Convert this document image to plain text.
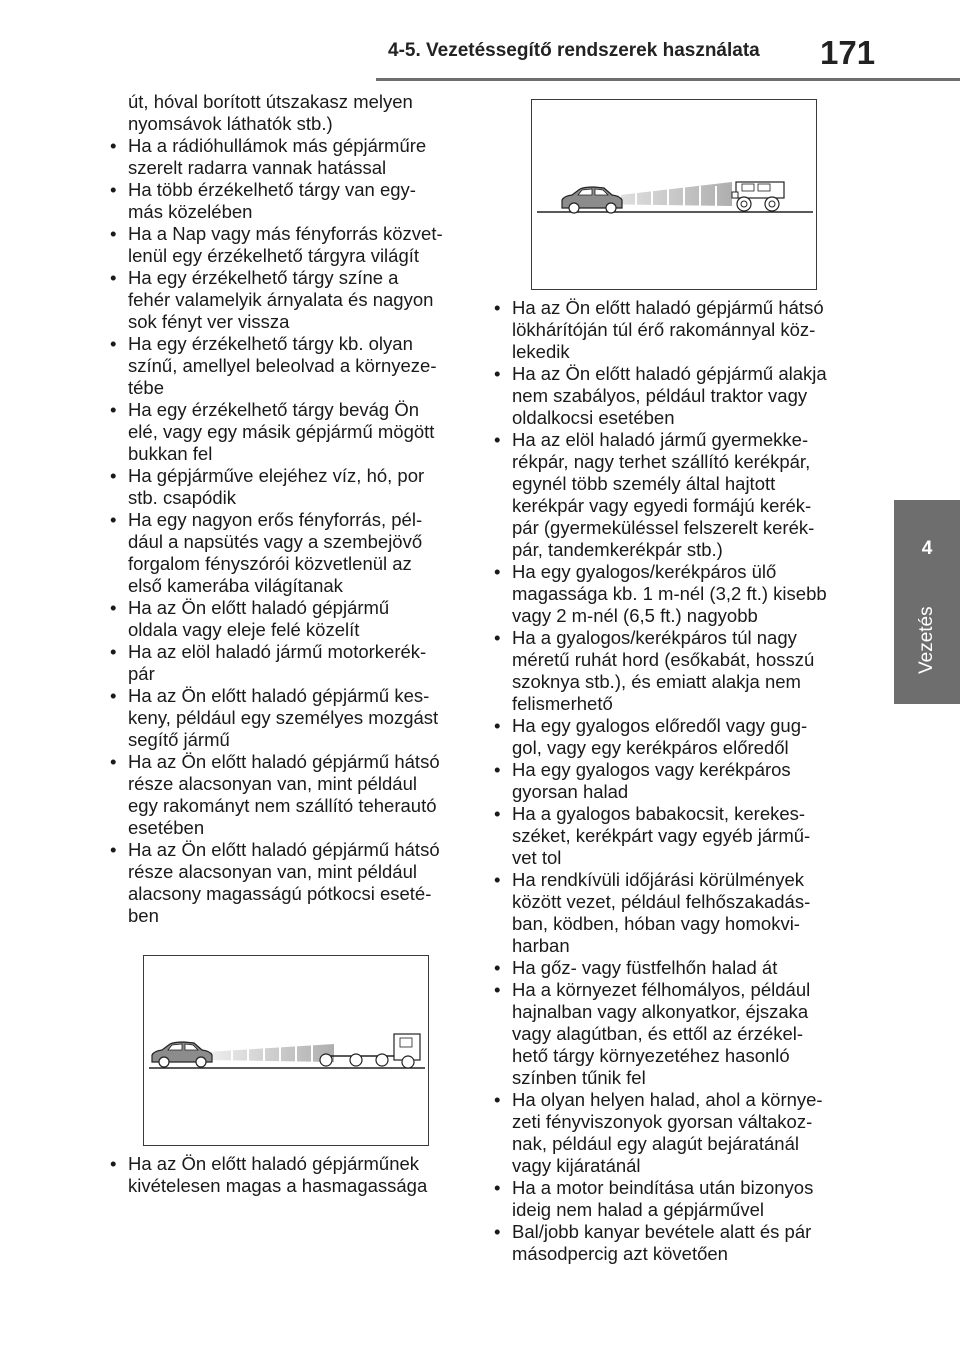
4-5. Vezetéssegítő rendszerek használata 171
4
Vezetés
út, hóval borított útszakasz melyen
nyomsávok láthatók stb.)
• Ha a rádióhullámok más gépjárműre
szerelt radarra vannak hatással
• Ha több érzékelhető tárgy van egy-
más közelében
• Ha a Nap vagy más fényforrás közvet-
lenül egy érzékelhető tárgyra világít
• Ha egy érzékelhető tárgy színe a
fehér valamelyik árnyalata és nagyon
sok fényt ver vissza
• Ha egy érzékelhető tárgy kb. olyan
színű, amellyel beleolvad a környeze-
tébe
• Ha egy érzékelhető tárgy bevág Ön
elé, vagy egy másik gépjármű mögött
bukkan fel
• Ha gépjárműve elejéhez víz, hó, por
stb. csapódik
• Ha egy nagyon erős fényforrás, pél-
dául a napsütés vagy a szembejövő
forgalom fényszórói közvetlenül az
első kamerába világítanak
• Ha az Ön előtt haladó gépjármű
oldala vagy eleje felé közelít
• Ha az elöl haladó jármű motorkerék-
pár
• Ha az Ön előtt haladó gépjármű kes-
keny, például egy személyes mozgást
segítő jármű
• Ha az Ön előtt haladó gépjármű hátsó
része alacsonyan van, mint például
egy rakományt nem szállító teherautó
esetében
• Ha az Ön előtt haladó gépjármű hátsó
része alacsonyan van, mint például
alacsony magasságú pótkocsi eseté-
ben
• Ha az Ön előtt haladó gépjármű hátsó
lökhárítóján túl érő rakománnyal köz-
lekedik
• Ha az Ön előtt haladó gépjármű alakja
nem szabályos, például traktor vagy
oldalkocsi esetében
• Ha az elöl haladó jármű gyermekke-
rékpár, nagy terhet szállító kerékpár,
egynél több személy által hajtott
kerékpár vagy egyedi formájú kerék-
pár (gyermeküléssel felszerelt kerék-
pár, tandemkerékpár stb.)
• Ha egy gyalogos/kerékpáros ülő
magassága kb. 1 m-nél (3,2 ft.) kisebb
vagy 2 m-nél (6,5 ft.) nagyobb
• Ha a gyalogos/kerékpáros túl nagy
méretű ruhát hord (esőkabát, hosszú
szoknya stb.), és emiatt alakja nem
felismerhető
• Ha egy gyalogos előredől vagy gug-
gol, vagy egy kerékpáros előredől
• Ha egy gyalogos vagy kerékpáros
gyorsan halad
• Ha a gyalogos babakocsit, kerekes-
széket, kerékpárt vagy egyéb jármű-
vet tol
• Ha rendkívüli időjárási körülmények
között vezet, például felhőszakadás-
ban, ködben, hóban vagy homokvi-
harban
• Ha gőz- vagy füstfelhőn halad át
• Ha a környezet félhomályos, például
hajnalban vagy alkonyatkor, éjszaka
vagy alagútban, és ettől az érzékel-
hető tárgy környezetéhez hasonló
színben tűnik fel
• Ha olyan helyen halad, ahol a környe-
zeti fényviszonyok gyorsan váltakoz-
nak, például egy alagút bejáratánál
vagy kijáratánál
• Ha a motor beindítása után bizonyos
ideig nem halad a gépjárművel
• Bal/jobb kanyar bevétele alatt és pár
másodpercig azt követően
• Ha az Ön előtt haladó gépjárműnek
kivételesen magas a hasmagassága
